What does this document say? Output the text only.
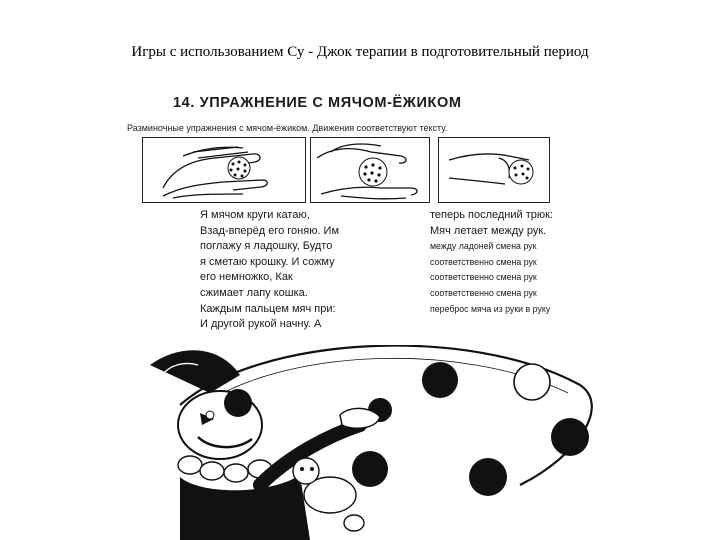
Игры с использованием Су - Джок терапии в подготовительный период
14. УПРАЖНЕНИЕ С МЯЧОМ-ЁЖИКОМ
Разминочные упражнения с мячом-ёжиком. Движения соответствуют тексту.
Я мячом круги катаю,
Взад-вперёд его гоняю. Им
поглажу я ладошку, Будто
я сметаю крошку. И сожму
его немножко, Как
сжимает лапу кошка.
Каждым пальцем мяч при:
И другой рукой начну. А
теперь последний трюк:
Мяч летает между рук.
между ладоней смена рук
соответственно смена рук
соответственно смена рук
соответственно смена рук
переброс мяча из руки в руку
